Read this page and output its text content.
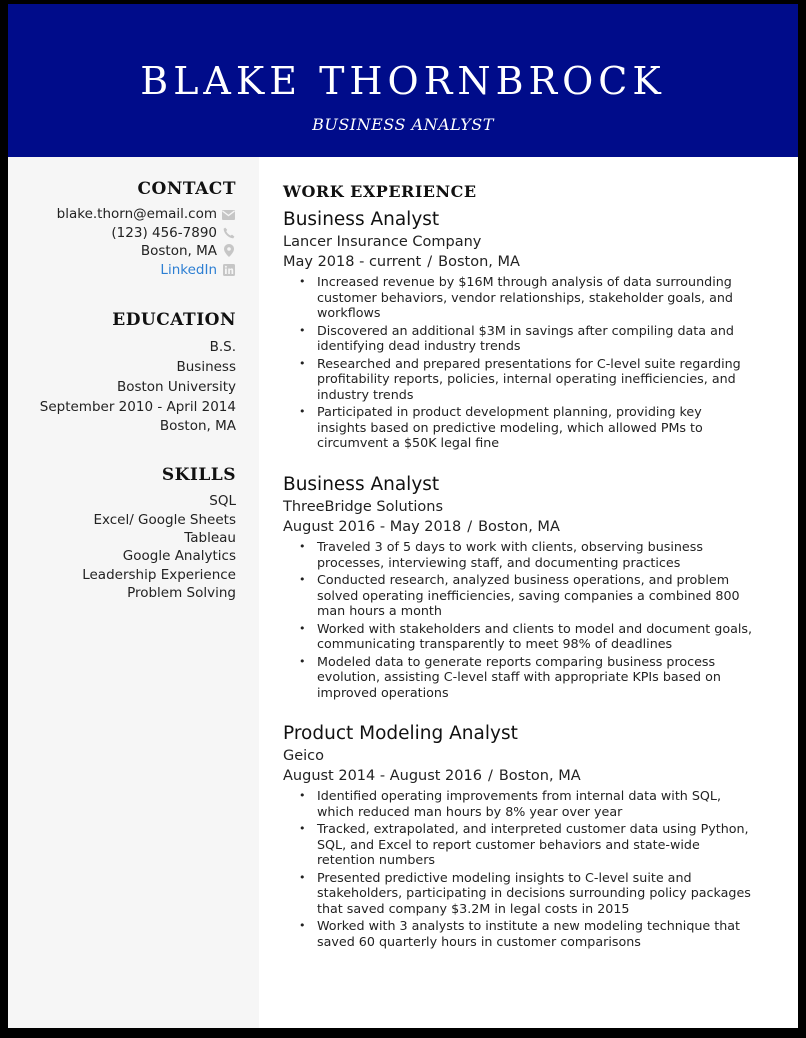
BLAKE THORNBROCK
BUSINESS ANALYST
CONTACT
blake.thorn@email.com
(123) 456-7890
Boston, MA
LinkedIn
EDUCATION
B.S.
Business
Boston University
September 2010 - April 2014
Boston, MA
SKILLS
SQL
Excel/ Google Sheets
Tableau
Google Analytics
Leadership Experience
Problem Solving
WORK EXPERIENCE
Business Analyst
Lancer Insurance Company
May 2018 - current / Boston, MA
• Increased revenue by $16M through analysis of data surrounding customer behaviors, vendor relationships, stakeholder goals, and workflows
• Discovered an additional $3M in savings after compiling data and identifying dead industry trends
• Researched and prepared presentations for C-level suite regarding profitability reports, policies, internal operating inefficiencies, and industry trends
• Participated in product development planning, providing key insights based on predictive modeling, which allowed PMs to circumvent a $50K legal fine
Business Analyst
ThreeBridge Solutions
August 2016 - May 2018 / Boston, MA
• Traveled 3 of 5 days to work with clients, observing business processes, interviewing staff, and documenting practices
• Conducted research, analyzed business operations, and problem solved operating inefficiencies, saving companies a combined 800 man hours a month
• Worked with stakeholders and clients to model and document goals, communicating transparently to meet 98% of deadlines
• Modeled data to generate reports comparing business process evolution, assisting C-level staff with appropriate KPIs based on improved operations
Product Modeling Analyst
Geico
August 2014 - August 2016 / Boston, MA
• Identified operating improvements from internal data with SQL, which reduced man hours by 8% year over year
• Tracked, extrapolated, and interpreted customer data using Python, SQL, and Excel to report customer behaviors and state-wide retention numbers
• Presented predictive modeling insights to C-level suite and stakeholders, participating in decisions surrounding policy packages that saved company $3.2M in legal costs in 2015
• Worked with 3 analysts to institute a new modeling technique that saved 60 quarterly hours in customer comparisons
